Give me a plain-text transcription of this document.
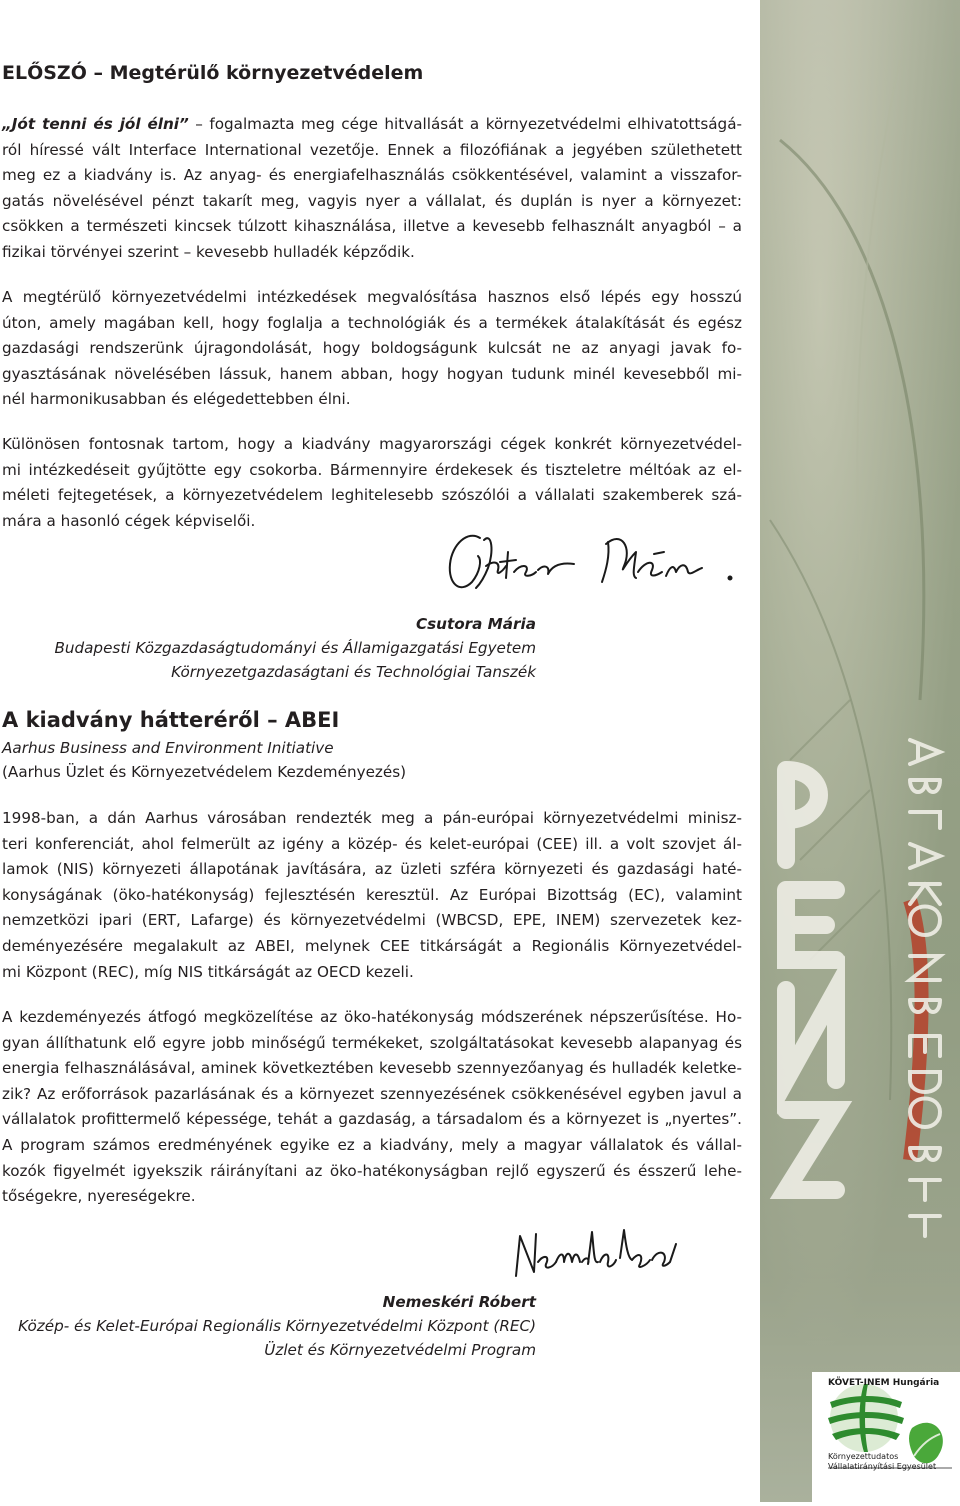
ELŐSZÓ – Megtérülő környezetvédelem
„Jót tenni és jól élni” – fogalmazta meg cége hitvallását a környezetvédelmi elhivatottságá-
ról híressé vált Interface International vezetője. Ennek a filozófiának a jegyében születhetett
meg ez a kiadvány is. Az anyag- és energiafelhasználás csökkentésével, valamint a visszafor-
gatás növelésével pénzt takarít meg, vagyis nyer a vállalat, és duplán is nyer a környezet:
csökken a természeti kincsek túlzott kihasználása, illetve a kevesebb felhasznált anyagból – a
fizikai törvényei szerint – kevesebb hulladék képződik.
A megtérülő környezetvédelmi intézkedések megvalósítása hasznos első lépés egy hosszú
úton, amely magában kell, hogy foglalja a technológiák és a termékek átalakítását és egész
gazdasági rendszerünk újragondolását, hogy boldogságunk kulcsát ne az anyagi javak fo-
gyasztásának növelésében lássuk, hanem abban, hogy hogyan tudunk minél kevesebből mi-
nél harmonikusabban és elégedettebben élni.
Különösen fontosnak tartom, hogy a kiadvány magyarországi cégek konkrét környezetvédel-
mi intézkedéseit gyűjtötte egy csokorba. Bármennyire érdekesek és tiszteletre méltóak az el-
méleti fejtegetések, a környezetvédelem leghitelesebb szószólói a vállalati szakemberek szá-
mára a hasonló cégek képviselői.
Csutora Mária
Budapesti Közgazdaságtudományi és Államigazgatási Egyetem
Környezetgazdaságtani és Technológiai Tanszék
A kiadvány hátteréről – ABEI
Aarhus Business and Environment Initiative
(Aarhus Üzlet és Környezetvédelem Kezdeményezés)
1998-ban, a dán Aarhus városában rendezték meg a pán-európai környezetvédelmi minisz-
teri konferenciát, ahol felmerült az igény a közép- és kelet-európai (CEE) ill. a volt szovjet ál-
lamok (NIS) környezeti állapotának javítására, az üzleti szféra környezeti és gazdasági haté-
konyságának (öko-hatékonyság) fejlesztésén keresztül. Az Európai Bizottság (EC), valamint
nemzetközi ipari (ERT, Lafarge) és környezetvédelmi (WBCSD, EPE, INEM) szervezetek kez-
deményezésére megalakult az ABEI, melynek CEE titkárságát a Regionális Környezetvédel-
mi Központ (REC), míg NIS titkárságát az OECD kezeli.
A kezdeményezés átfogó megközelítése az öko-hatékonyság módszerének népszerűsítése. Ho-
gyan állíthatunk elő egyre jobb minőségű termékeket, szolgáltatásokat kevesebb alapanyag és
energia felhasználásával, aminek következtében kevesebb szennyezőanyag és hulladék keletke-
zik? Az erőforrások pazarlásának és a környezet szennyezésének csökkenésével egyben javul a
vállalatok profittermelő képessége, tehát a gazdaság, a társadalom és a környezet is „nyertes”.
A program számos eredményének egyike ez a kiadvány, mely a magyar vállalatok és vállal-
kozók figyelmét igyekszik ráirányítani az öko-hatékonyságban rejlő egyszerű és ésszerű lehe-
tőségekre, nyereségekre.
Nemeskéri Róbert
Közép- és Kelet-Európai Regionális Környezetvédelmi Központ (REC)
Üzlet és Környezetvédelmi Program
KÖVET-INEM Hungária
Környezettudatos
Vállalatirányítási Egyesület
